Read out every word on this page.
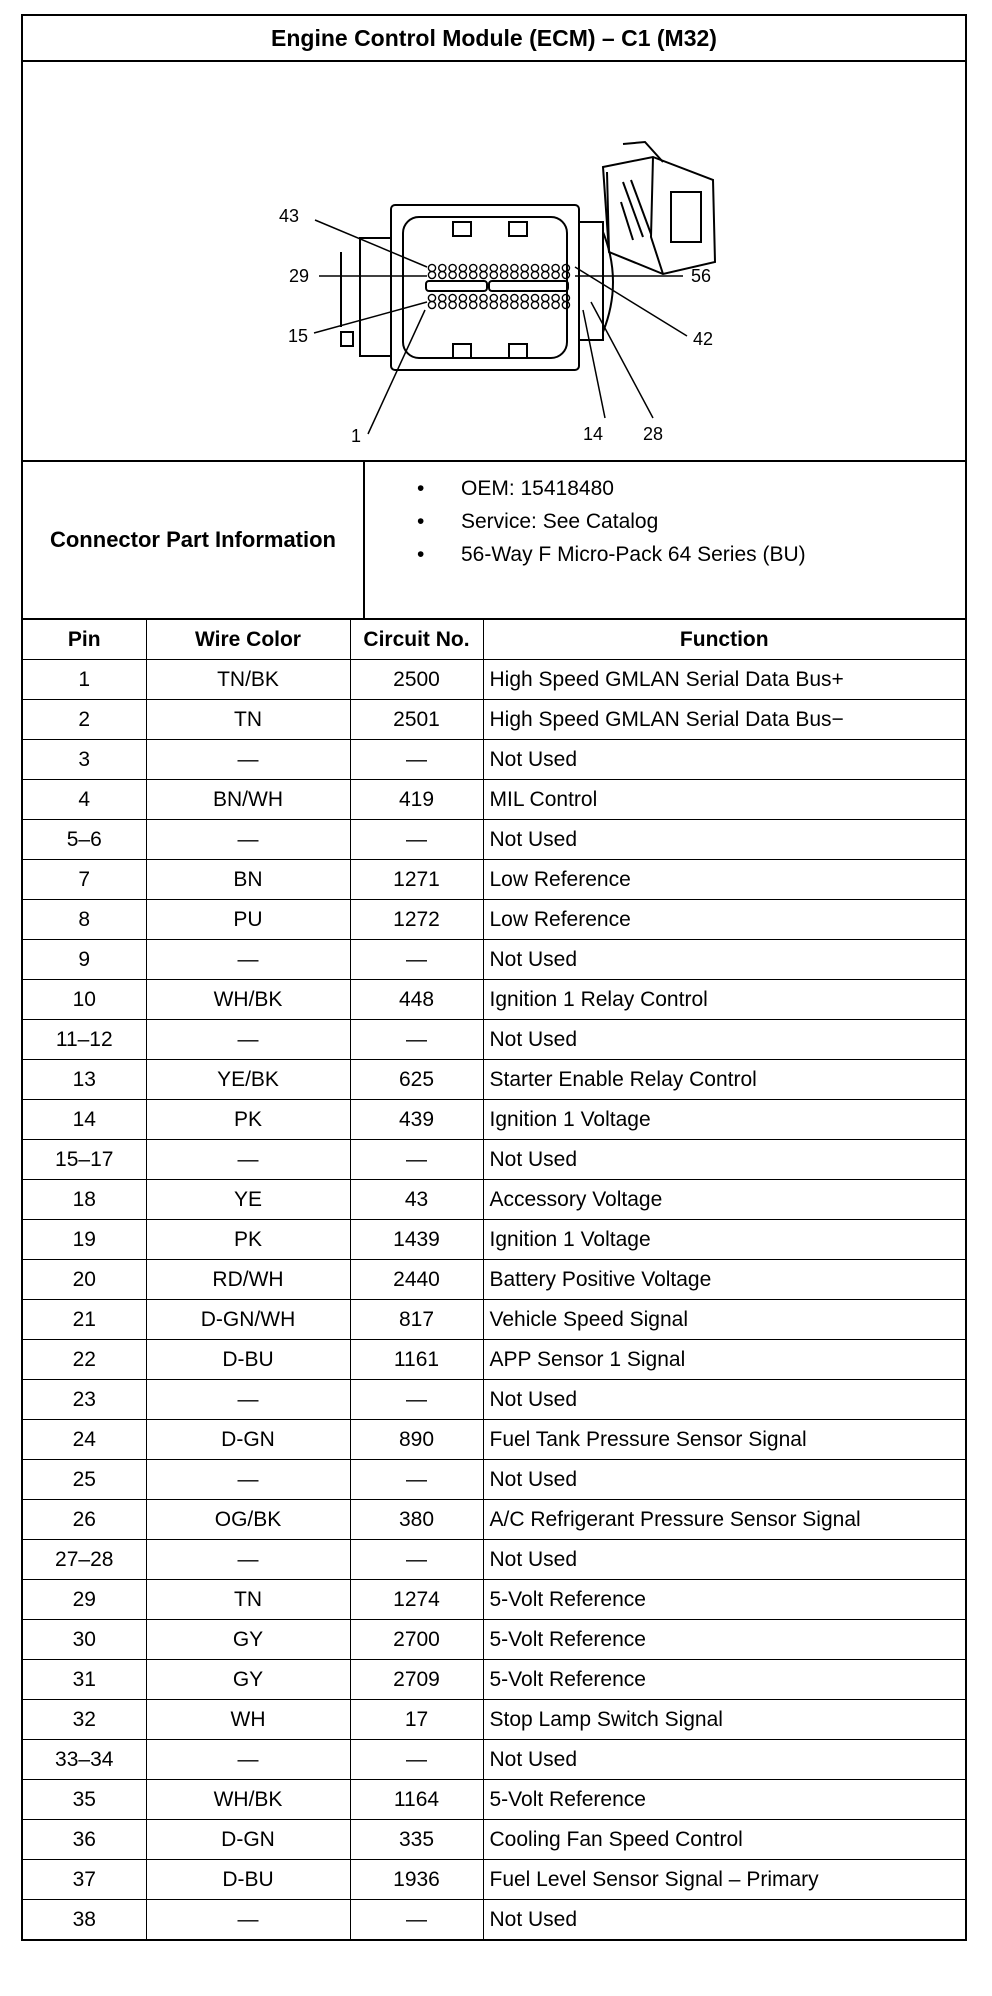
Engine Control Module (ECM) – C1 (M32)
43
29
15
1
56
42
14 28
Connector Part Information
• OEM: 15418480
• Service: See Catalog
• 56-Way F Micro-Pack 64 Series (BU)
Pin	Wire Color	Circuit No.	Function
1	TN/BK	2500	High Speed GMLAN Serial Data Bus+
2	TN	2501	High Speed GMLAN Serial Data Bus−
3	—	—	Not Used
4	BN/WH	419	MIL Control
5–6	—	—	Not Used
7	BN	1271	Low Reference
8	PU	1272	Low Reference
9	—	—	Not Used
10	WH/BK	448	Ignition 1 Relay Control
11–12	—	—	Not Used
13	YE/BK	625	Starter Enable Relay Control
14	PK	439	Ignition 1 Voltage
15–17	—	—	Not Used
18	YE	43	Accessory Voltage
19	PK	1439	Ignition 1 Voltage
20	RD/WH	2440	Battery Positive Voltage
21	D-GN/WH	817	Vehicle Speed Signal
22	D-BU	1161	APP Sensor 1 Signal
23	—	—	Not Used
24	D-GN	890	Fuel Tank Pressure Sensor Signal
25	—	—	Not Used
26	OG/BK	380	A/C Refrigerant Pressure Sensor Signal
27–28	—	—	Not Used
29	TN	1274	5-Volt Reference
30	GY	2700	5-Volt Reference
31	GY	2709	5-Volt Reference
32	WH	17	Stop Lamp Switch Signal
33–34	—	—	Not Used
35	WH/BK	1164	5-Volt Reference
36	D-GN	335	Cooling Fan Speed Control
37	D-BU	1936	Fuel Level Sensor Signal – Primary
38	—	—	Not Used
